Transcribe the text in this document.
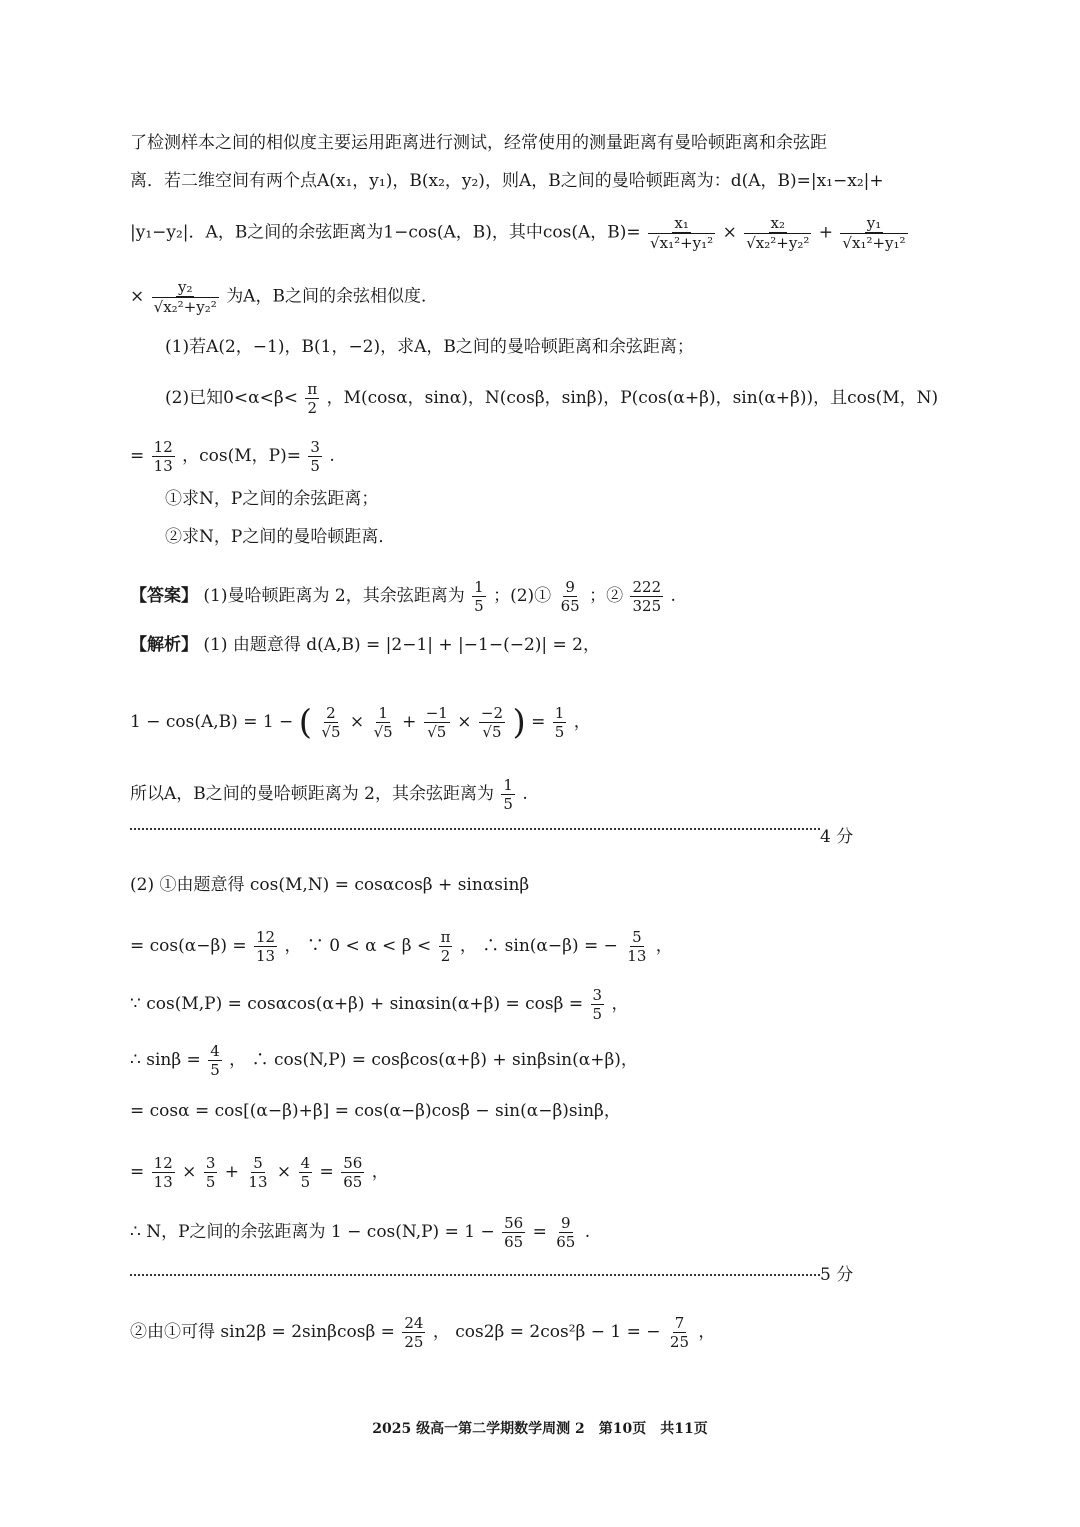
了检测样本之间的相似度主要运用距离进行测试，经常使用的测量距离有曼哈顿距离和余弦距
离．若二维空间有两个点A(x₁，y₁)，B(x₂，y₂)，则A，B之间的曼哈顿距离为：d(A，B)=|x₁−x₂|+
|y₁−y₂|．A，B之间的余弦距离为1−cos(A，B)，其中cos(A，$B)= \frac{\text{x₁}}{\text{√x₁²+y₁²}} \times \frac{\text{x₂}}{\text{√x₂²+y₂²}} + \frac{\text{y₁}}{\text{√x₁²+y₁²}}$
× $\frac{\text{y₂}}{\text{√x₂²+y₂²}}$ 为A，B之间的余弦相似度．
(1)若A(2，−1)，B(1，−2)，求A，B之间的曼哈顿距离和余弦距离；
(2)已知$0<\alpha<\beta< \frac{\pi}{2}$ ，M(cosα，sinα)，N(cosβ，sinβ)，P(cos(α+β)，sin(α+β))，且cos(M，N)
= $\frac{12}{13}$ ，cos(M，$P)= \frac{3}{5}$ .
①求N，P之间的余弦距离；
②求N，P之间的曼哈顿距离．
【答案】 (1)曼哈顿距离为 2，其余弦距离为 $\frac{1}{5}$ ；(2)① $\frac{9}{65}$ ；② $\frac{222}{325}$ .
【解析】 (1) 由题意得 d(A,B) = |2−1| + |−1−(−2)| = 2，
1 − cos(A,B) = 1 − ( $\frac{2}{√5} \times \frac{1}{√5} + \frac{-1}{√5} \times \frac{-2}{√5}$ ) = $\frac{1}{5}$ ，
所以A，B之间的曼哈顿距离为 2，其余弦距离为 $\frac{1}{5}$ .
4 分
(2) ①由题意得 cos(M,N) = cosαcosβ + sinαsinβ
= $\cos(\alpha-\beta) = \frac{12}{13}$ ， ∵ $0 < \alpha < \beta < \frac{\pi}{2}$ ， ∴ sin(α−β) = − $\frac{5}{13}$ ，
∵ $\cos(M,P) = \cos\alpha\cos(\alpha+\beta) + \sin\alpha\sin(\alpha+\beta) = \cos\beta = \frac{3}{5}$ ，
∴ $\sin\beta = \frac{4}{5}$ ， ∴ cos(N,P) = cosβcos(α+β) + sinβsin(α+β)，
= cosα = cos[(α−β)+β] = cos(α−β)cosβ − sin(α−β)sinβ，
= $\frac{12}{13} \times \frac{3}{5} + \frac{5}{13} \times \frac{4}{5} = \frac{56}{65}$ ，
∴ N，P之间的余弦距离为 $1 - \cos(N,P) = 1 - \frac{56}{65} = \frac{9}{65}$ .
5 分
②由①可得 $\sin 2\beta = 2\sin\beta\cos\beta = \frac{24}{25}$ ， cos2β = 2cos²β − 1 = − $\frac{7}{25}$ ，
2025 级高一第二学期数学周测 2　第10页　共11页
